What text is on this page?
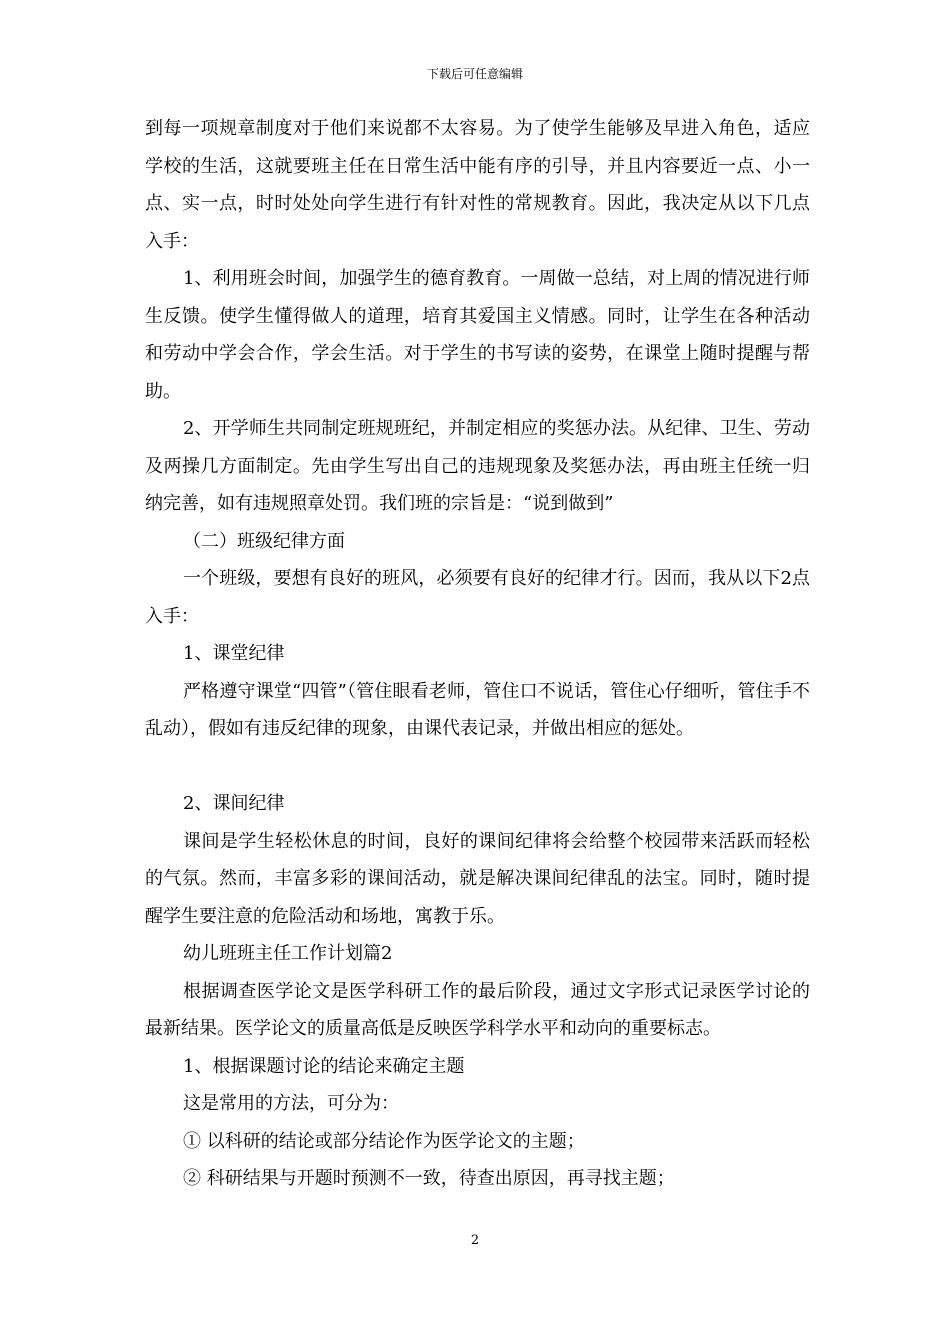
下载后可任意编辑

到每一项规章制度对于他们来说都不太容易。为了使学生能够及早进入角色，适应学校的生活，这就要班主任在日常生活中能有序的引导，并且内容要近一点、小一点、实一点，时时处处向学生进行有针对性的常规教育。因此，我决定从以下几点入手：

1、利用班会时间，加强学生的德育教育。一周做一总结，对上周的情况进行师生反馈。使学生懂得做人的道理，培育其爱国主义情感。同时，让学生在各种活动和劳动中学会合作，学会生活。对于学生的书写读的姿势，在课堂上随时提醒与帮助。

2、开学师生共同制定班规班纪，并制定相应的奖惩办法。从纪律、卫生、劳动及两操几方面制定。先由学生写出自己的违规现象及奖惩办法，再由班主任统一归纳完善，如有违规照章处罚。我们班的宗旨是：“说到做到”

（二）班级纪律方面

一个班级，要想有良好的班风，必须要有良好的纪律才行。因而，我从以下2点入手：

1、课堂纪律

严格遵守课堂“四管”（管住眼看老师，管住口不说话，管住心仔细听，管住手不乱动），假如有违反纪律的现象，由课代表记录，并做出相应的惩处。

2、课间纪律

课间是学生轻松休息的时间，良好的课间纪律将会给整个校园带来活跃而轻松的气氛。然而，丰富多彩的课间活动，就是解决课间纪律乱的法宝。同时，随时提醒学生要注意的危险活动和场地，寓教于乐。

幼儿班班主任工作计划篇2

根据调查医学论文是医学科研工作的最后阶段，通过文字形式记录医学讨论的最新结果。医学论文的质量高低是反映医学科学水平和动向的重要标志。

1、根据课题讨论的结论来确定主题

这是常用的方法，可分为：

① 以科研的结论或部分结论作为医学论文的主题；

② 科研结果与开题时预测不一致，待查出原因，再寻找主题；

2
